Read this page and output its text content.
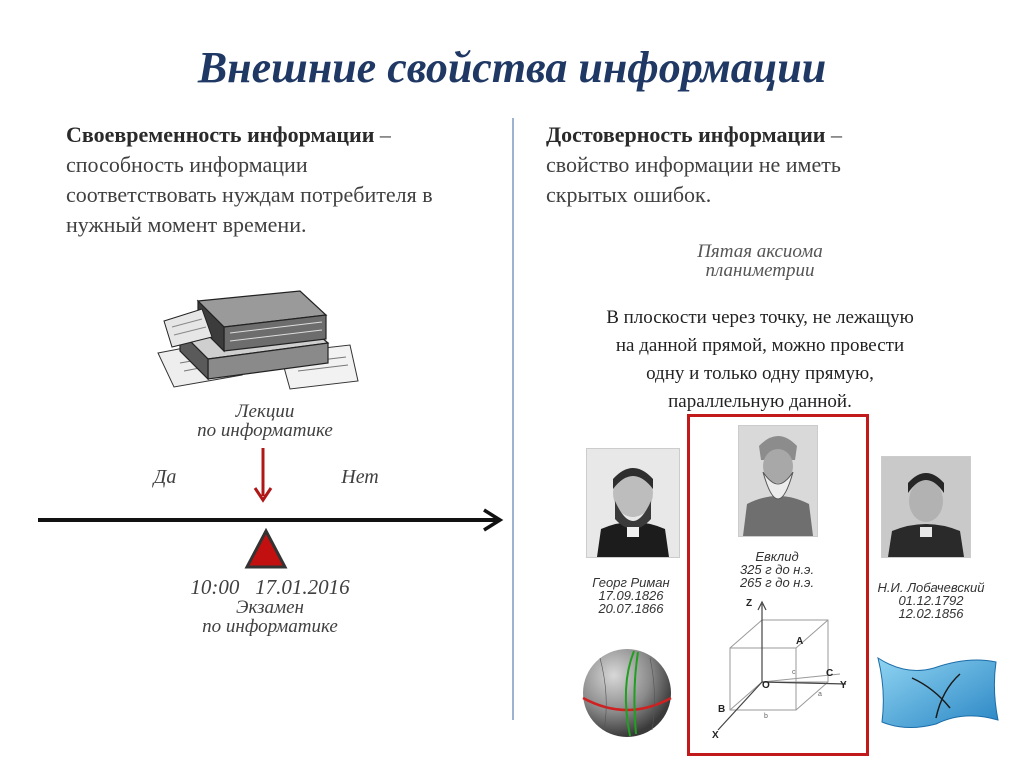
Внешние свойства информации
Своевременность информации –
способность информации
соответствовать нуждам потребителя в
нужный момент времени.
Лекции
по информатике
Да	Нет
10:00 17.01.2016
Экзамен
по информатике
Достоверность информации –
свойство информации не иметь
скрытых ошибок.
Пятая аксиома
планиметрии
В плоскости через точку, не лежащую
на данной прямой, можно провести
одну и только одну прямую,
параллельную данной.
Георг Риман
17.09.1826
20.07.1866
Евклид
325 г до н.э.
265 г до н.э.	Н.И. Лобачевский
01.12.1792
12.02.1856
Z
A
C
O	Y
B
X
c
b
a
